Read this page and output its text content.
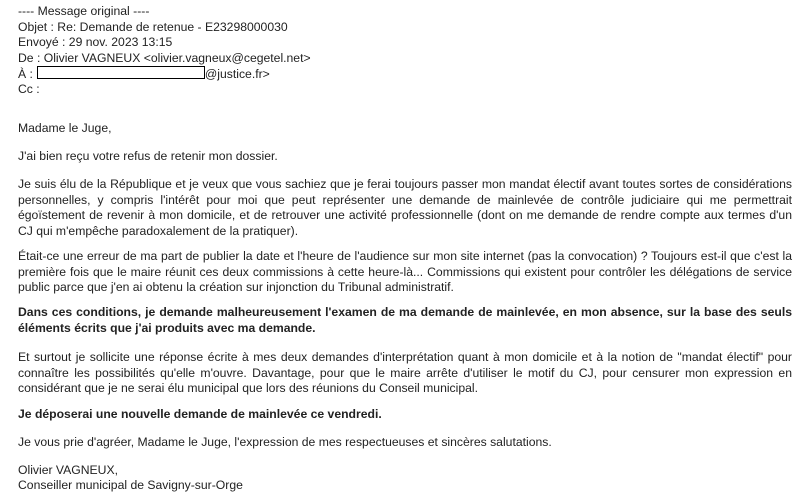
---- Message original ----
Objet : Re: Demande de retenue - E23298000030
Envoyé : 29 nov. 2023 13:15
De : Olivier VAGNEUX <olivier.vagneux@cegetel.net>
À :	@justice.fr>
Cc :

Madame le Juge,

J'ai bien reçu votre refus de retenir mon dossier.

Je suis élu de la République et je veux que vous sachiez que je ferai toujours passer mon mandat électif avant toutes sortes de considérations personnelles, y compris l'intérêt pour moi que peut représenter une demande de mainlevée de contrôle judiciaire qui me permettrait égoïstement de revenir à mon domicile, et de retrouver une activité professionnelle (dont on me demande de rendre compte aux termes d'un CJ qui m'empêche paradoxalement de la pratiquer).

Était-ce une erreur de ma part de publier la date et l'heure de l'audience sur mon site internet (pas la convocation) ? Toujours est-il que c'est la première fois que le maire réunit ces deux commissions à cette heure-là... Commissions qui existent pour contrôler les délégations de service public parce que j'en ai obtenu la création sur injonction du Tribunal administratif.

Dans ces conditions, je demande malheureusement l'examen de ma demande de mainlevée, en mon absence, sur la base des seuls éléments écrits que j'ai produits avec ma demande.

Et surtout je sollicite une réponse écrite à mes deux demandes d'interprétation quant à mon domicile et à la notion de "mandat électif" pour connaître les possibilités qu'elle m'ouvre. Davantage, pour que le maire arrête d'utiliser le motif du CJ, pour censurer mon expression en considérant que je ne serai élu municipal que lors des réunions du Conseil municipal.

Je déposerai une nouvelle demande de mainlevée ce vendredi.

Je vous prie d'agréer, Madame le Juge, l'expression de mes respectueuses et sincères salutations.

Olivier VAGNEUX,

Conseiller municipal de Savigny-sur-Orge
